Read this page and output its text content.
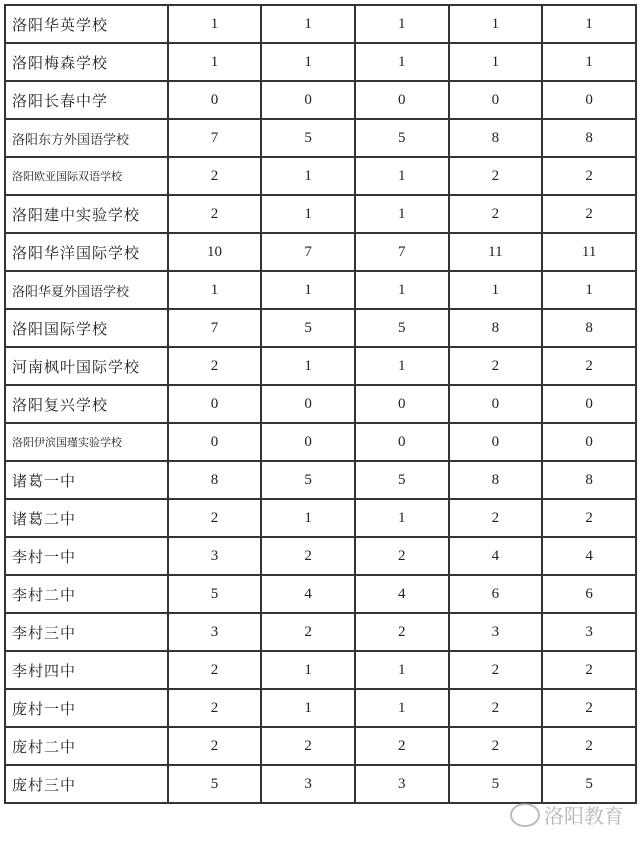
洛阳华英学校	1	1	1	1	1
洛阳梅森学校	1	1	1	1	1
洛阳长春中学	0	0	0	0	0
洛阳东方外国语学校	7	5	5	8	8
洛阳欧亚国际双语学校	2	1	1	2	2
洛阳建中实验学校	2	1	1	2	2
洛阳华洋国际学校	10	7	7	11	11
洛阳华夏外国语学校	1	1	1	1	1
洛阳国际学校	7	5	5	8	8
河南枫叶国际学校	2	1	1	2	2
洛阳复兴学校	0	0	0	0	0
洛阳伊滨国瑾实验学校	0	0	0	0	0
诸葛一中	8	5	5	8	8
诸葛二中	2	1	1	2	2
李村一中	3	2	2	4	4
李村二中	5	4	4	6	6
李村三中	3	2	2	3	3
李村四中	2	1	1	2	2
庞村一中	2	1	1	2	2
庞村二中	2	2	2	2	2
庞村三中	5	3	3	5	5
洛阳教育
